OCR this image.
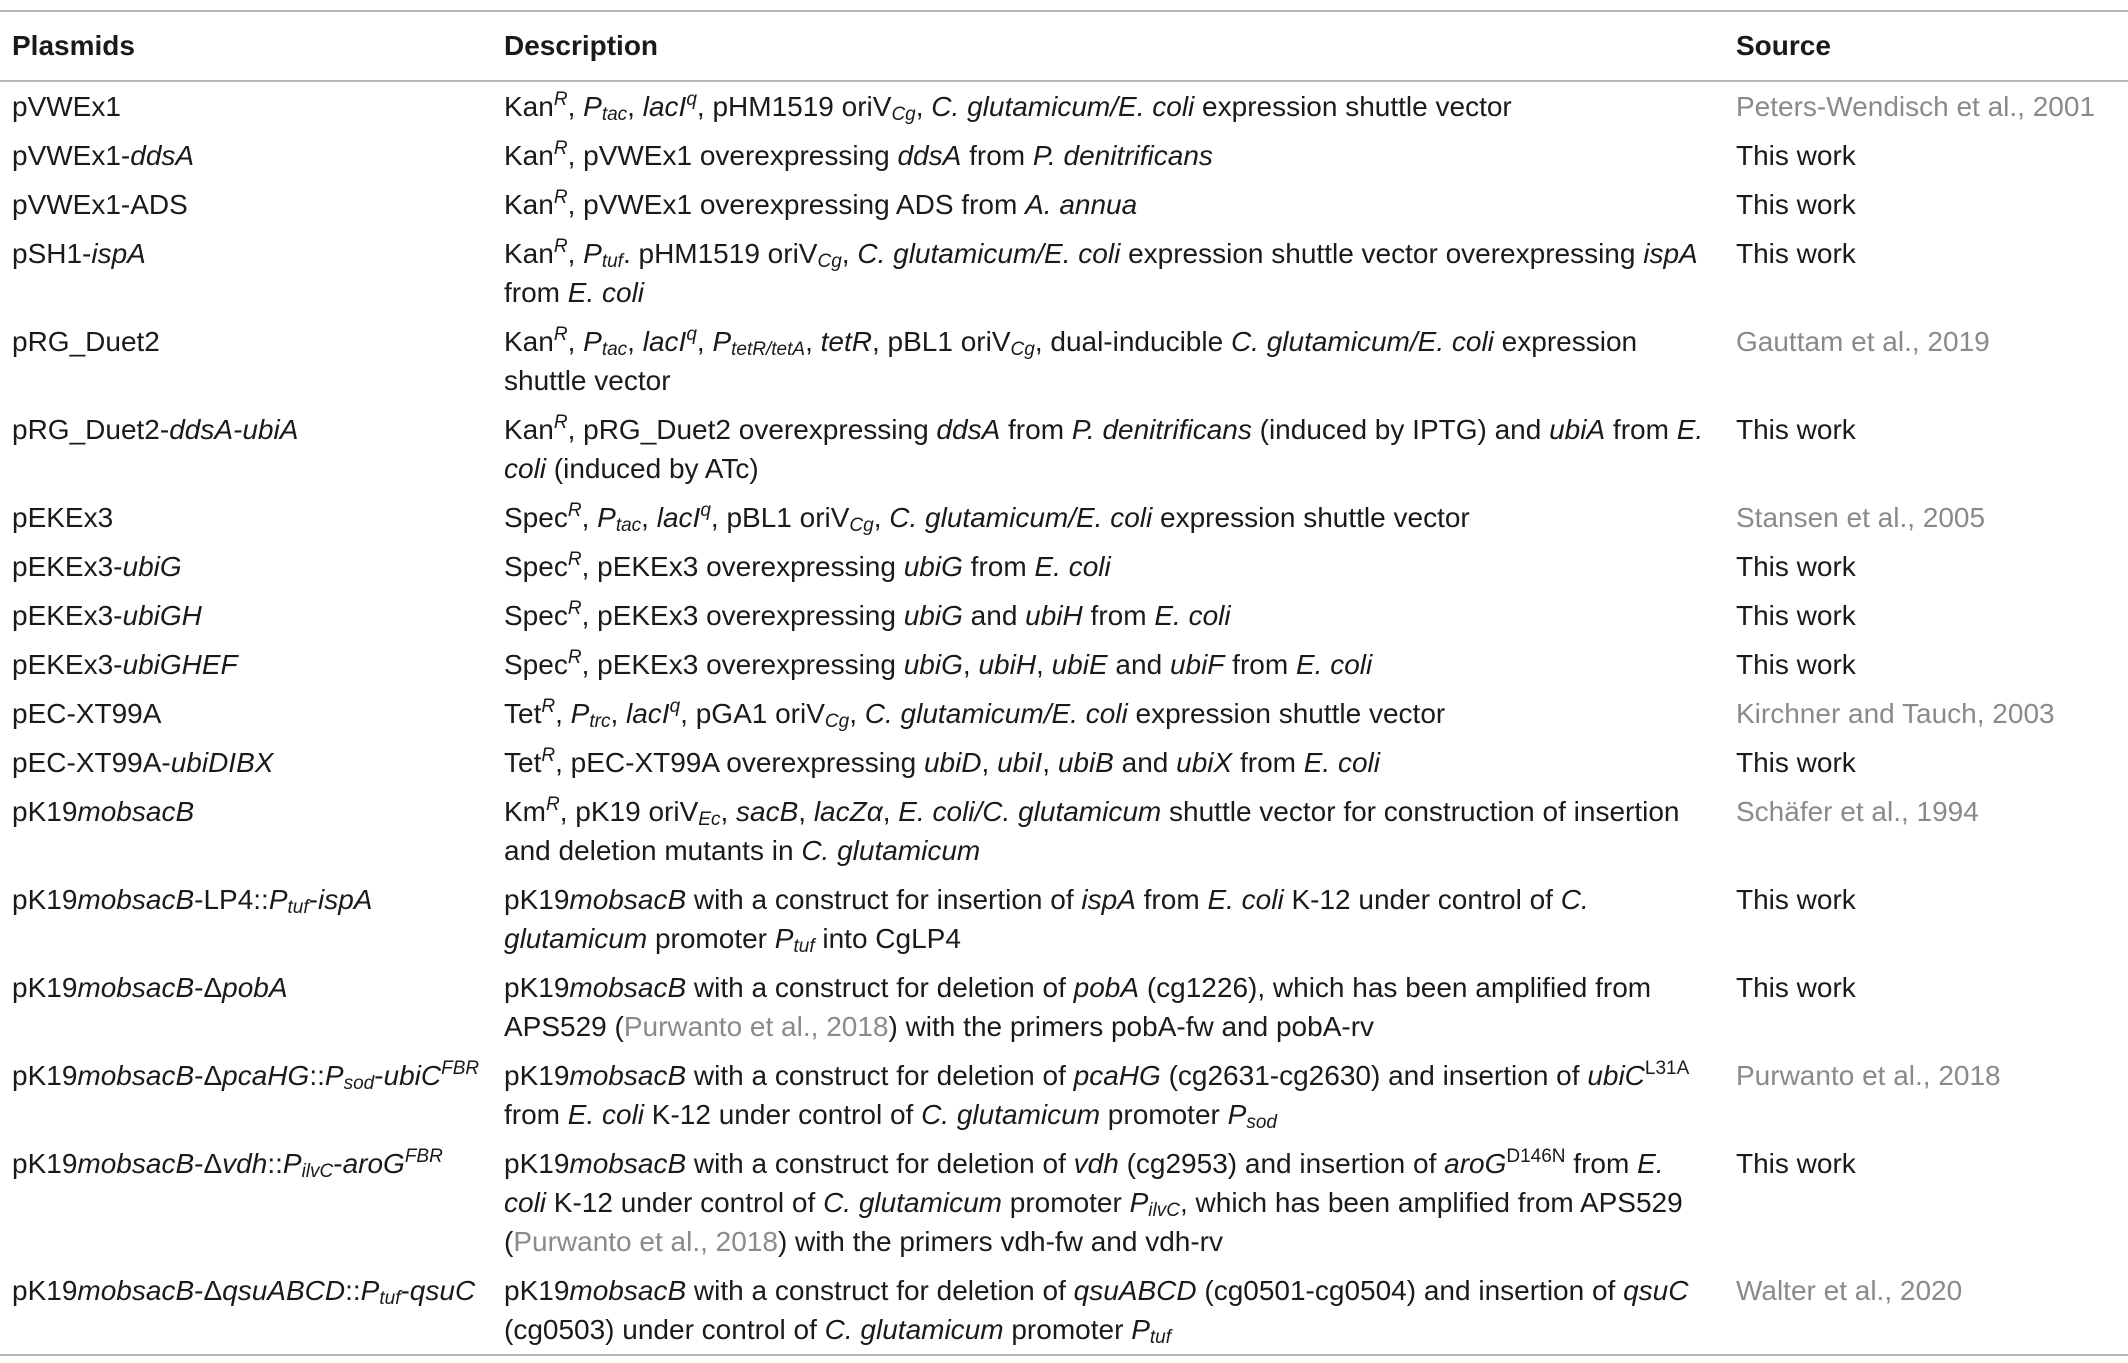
Plasmids	Description	Source
pVWEx1	Kan$^R$, $P_{tac}$, lacI$^q$, pHM1519 oriV$_{Cg}$, C. glutamicum/E. coli expression shuttle vector	Peters-Wendisch et al., 2001
pVWEx1-ddsA	Kan$^R$, pVWEx1 overexpressing ddsA from P. denitrificans	This work
pVWEx1-ADS	Kan$^R$, pVWEx1 overexpressing ADS from A. annua	This work
pSH1-ispA	Kan$^R$, $P_{tuf}$. pHM1519 oriV$_{Cg}$, C. glutamicum/E. coli expression shuttle vector overexpressing ispA from E. coli	This work
pRG_Duet2	Kan$^R$, $P_{tac}$, lacI$^q$, $P_{tetR/tetA}$, tetR, pBL1 oriV$_{Cg}$, dual-inducible C. glutamicum/E. coli expression shuttle vector	Gauttam et al., 2019
pRG_Duet2-ddsA-ubiA	Kan$^R$, pRG_Duet2 overexpressing ddsA from P. denitrificans (induced by IPTG) and ubiA from E. coli (induced by ATc)	This work
pEKEx3	Spec$^R$, $P_{tac}$, lacI$^q$, pBL1 oriV$_{Cg}$, C. glutamicum/E. coli expression shuttle vector	Stansen et al., 2005
pEKEx3-ubiG	Spec$^R$, pEKEx3 overexpressing ubiG from E. coli	This work
pEKEx3-ubiGH	Spec$^R$, pEKEx3 overexpressing ubiG and ubiH from E. coli	This work
pEKEx3-ubiGHEF	Spec$^R$, pEKEx3 overexpressing ubiG, ubiH, ubiE and ubiF from E. coli	This work
pEC-XT99A	Tet$^R$, $P_{trc}$, lacI$^q$, pGA1 oriV$_{Cg}$, C. glutamicum/E. coli expression shuttle vector	Kirchner and Tauch, 2003
pEC-XT99A-ubiDIBX	Tet$^R$, pEC-XT99A overexpressing ubiD, ubiI, ubiB and ubiX from E. coli	This work
pK19mobsacB	$Km^R$, pK19 oriV$_{Ec}$, sacB, lacZα, E. coli/C. glutamicum shuttle vector for construction of insertion and deletion mutants in C. glutamicum	Schäfer et al., 1994
$pK19mobsacB-LP4::P_{tuf}$-ispA	pK19mobsacB with a construct for insertion of ispA from E. coli K-12 under control of C. glutamicum promoter $P_{tuf}$ into CgLP4	This work
pK19mobsacB-ΔpobA	pK19mobsacB with a construct for deletion of pobA (cg1226), which has been amplified from APS529 (Purwanto et al., 2018) with the primers pobA-fw and pobA-rv	This work
$pK19mobsacB-\Delta pcaHG::P_{sod}-ubiC^{FBR}$	pK19mobsacB with a construct for deletion of pcaHG (cg2631-cg2630) and insertion of ubiC$^{L31A}$ from E. coli K-12 under control of C. glutamicum promoter $P_{sod}$	Purwanto et al., 2018
$pK19mobsacB-\Delta vdh::P_{ilvC}-aroG^{FBR}$	pK19mobsacB with a construct for deletion of vdh (cg2953) and insertion of aroG$^{D146N}$ from E. coli K-12 under control of C. glutamicum promoter $P_{ilvC}$, which has been amplified from APS529 (Purwanto et al., 2018) with the primers vdh-fw and vdh-rv	This work
$pK19mobsacB-\Delta qsuABCD::P_{tuf}$-qsuC	pK19mobsacB with a construct for deletion of qsuABCD (cg0501-cg0504) and insertion of qsuC (cg0503) under control of C. glutamicum promoter $P_{tuf}$	Walter et al., 2020
